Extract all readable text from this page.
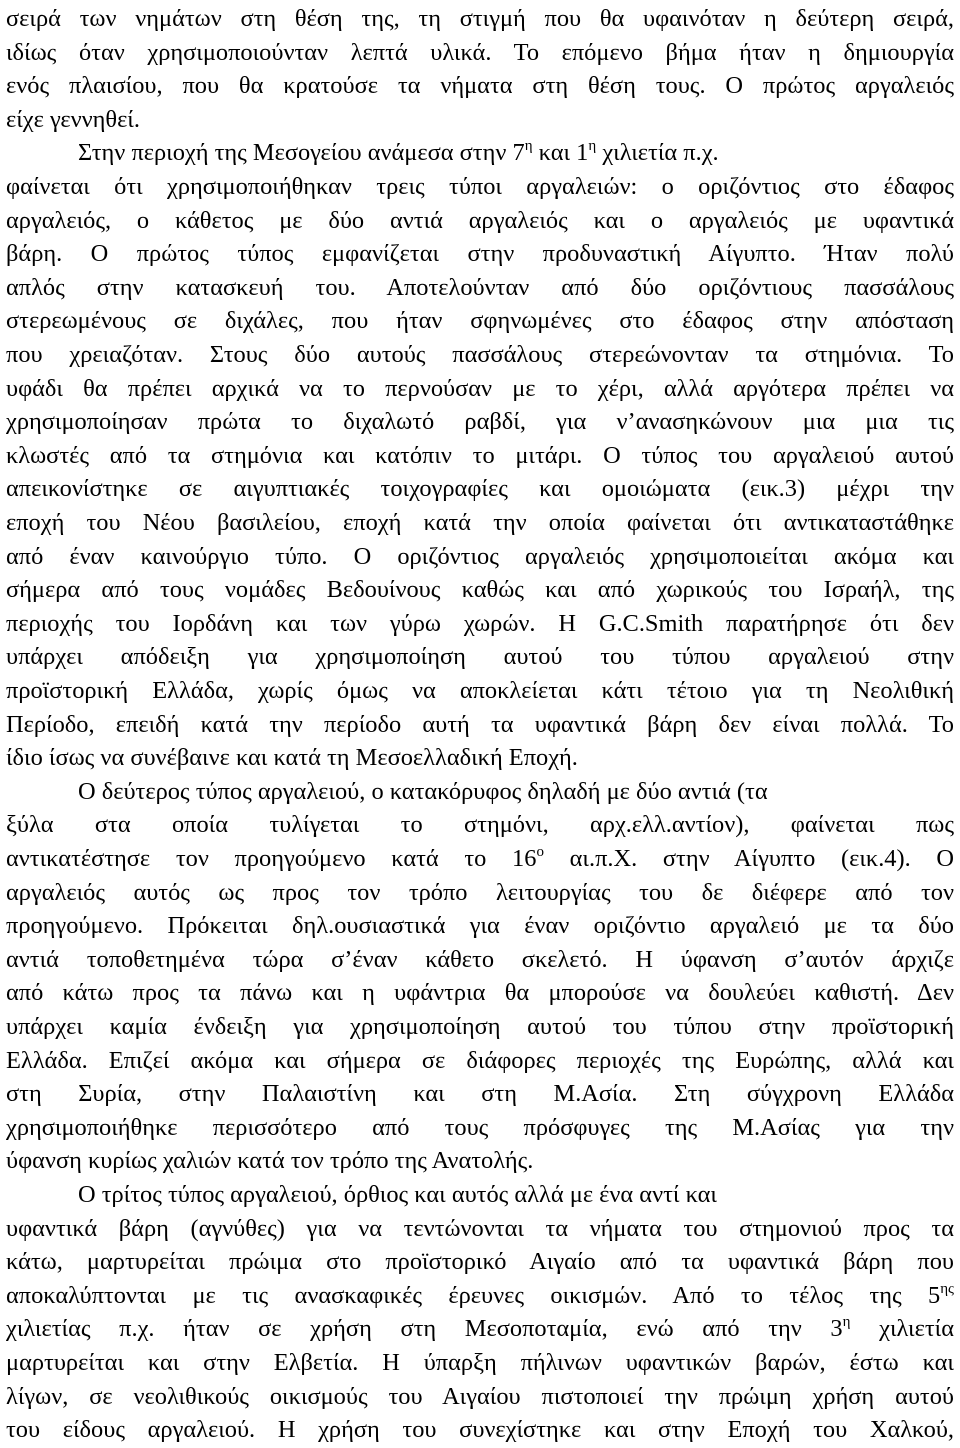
σειρά των νημάτων στη θέση της, τη στιγμή που θα υφαινόταν η δεύτερη σειρά,
ιδίως όταν χρησιμοποιούνταν λεπτά υλικά. Το επόμενο βήμα ήταν η δημιουργία
ενός πλαισίου, που θα κρατούσε τα νήματα στη θέση τους. Ο πρώτος αργαλειός
είχε γεννηθεί.
Στην περιοχή της Μεσογείου ανάμεσα στην $7^\eta$ και $1^\eta$ χιλιετία π.χ.
φαίνεται ότι χρησιμοποιήθηκαν τρεις τύποι αργαλειών: ο οριζόντιος στο έδαφος
αργαλειός, ο κάθετος με δύο αντιά αργαλειός και ο αργαλειός με υφαντικά
βάρη. Ο πρώτος τύπος εμφανίζεται στην προδυναστική Αίγυπτο. Ήταν πολύ
απλός στην κατασκευή του. Αποτελούνταν από δύο οριζόντιους πασσάλους
στερεωμένους σε διχάλες, που ήταν σφηνωμένες στο έδαφος στην απόσταση
που χρειαζόταν. Στους δύο αυτούς πασσάλους στερεώνονταν τα στημόνια. Το
υφάδι θα πρέπει αρχικά να το περνούσαν με το χέρι, αλλά αργότερα πρέπει να
χρησιμοποίησαν πρώτα το διχαλωτό ραβδί, για ν’ανασηκώνουν μια μια τις
κλωστές από τα στημόνια και κατόπιν το μιτάρι. Ο τύπος του αργαλειού αυτού
απεικονίστηκε σε αιγυπτιακές τοιχογραφίες και ομοιώματα (εικ.3) μέχρι την
εποχή του Νέου βασιλείου, εποχή κατά την οποία φαίνεται ότι αντικαταστάθηκε
από έναν καινούργιο τύπο. Ο οριζόντιος αργαλειός χρησιμοποιείται ακόμα και
σήμερα από τους νομάδες Βεδουίνους καθώς και από χωρικούς του Ισραήλ, της
περιοχής του Ιορδάνη και των γύρω χωρών. Η G.C.Smith παρατήρησε ότι δεν
υπάρχει απόδειξη για χρησιμοποίηση αυτού του τύπου αργαλειού στην
προϊστορική Ελλάδα, χωρίς όμως να αποκλείεται κάτι τέτοιο για τη Νεολιθική
Περίοδο, επειδή κατά την περίοδο αυτή τα υφαντικά βάρη δεν είναι πολλά. Το
ίδιο ίσως να συνέβαινε και κατά τη Μεσοελλαδική Εποχή.
Ο δεύτερος τύπος αργαλειού, ο κατακόρυφος δηλαδή με δύο αντιά (τα
ξύλα στα οποία τυλίγεται το στημόνι, αρχ.ελλ.αντίον), φαίνεται πως
αντικατέστησε τον προηγούμενο κατά το $16^o$ αι.π.Χ. στην Αίγυπτο (εικ.4). Ο
αργαλειός αυτός ως προς τον τρόπο λειτουργίας του δε διέφερε από τον
προηγούμενο. Πρόκειται δηλ.ουσιαστικά για έναν οριζόντιο αργαλειό με τα δύο
αντιά τοποθετημένα τώρα σ’έναν κάθετο σκελετό. Η ύφανση σ’αυτόν άρχιζε
από κάτω προς τα πάνω και η υφάντρια θα μπορούσε να δουλεύει καθιστή. Δεν
υπάρχει καμία ένδειξη για χρησιμοποίηση αυτού του τύπου στην προϊστορική
Ελλάδα. Επιζεί ακόμα και σήμερα σε διάφορες περιοχές της Ευρώπης, αλλά και
στη Συρία, στην Παλαιστίνη και στη Μ.Ασία. Στη σύγχρονη Ελλάδα
χρησιμοποιήθηκε περισσότερο από τους πρόσφυγες της Μ.Ασίας για την
ύφανση κυρίως χαλιών κατά τον τρόπο της Ανατολής.
Ο τρίτος τύπος αργαλειού, όρθιος και αυτός αλλά με ένα αντί και
υφαντικά βάρη (αγνύθες) για να τεντώνονται τα νήματα του στημονιού προς τα
κάτω, μαρτυρείται πρώιμα στο προϊστορικό Αιγαίο από τα υφαντικά βάρη που
αποκαλύπτονται με τις ανασκαφικές έρευνες οικισμών. Από το τέλος της $5^{\eta\varsigma}$
χιλιετίας π.χ. ήταν σε χρήση στη Μεσοποταμία, ενώ από την $3^\eta$ χιλιετία
μαρτυρείται και στην Ελβετία. Η ύπαρξη πήλινων υφαντικών βαρών, έστω και
λίγων, σε νεολιθικούς οικισμούς του Αιγαίου πιστοποιεί την πρώιμη χρήση αυτού
του είδους αργαλειού. Η χρήση του συνεχίστηκε και στην Εποχή του Χαλκού,
